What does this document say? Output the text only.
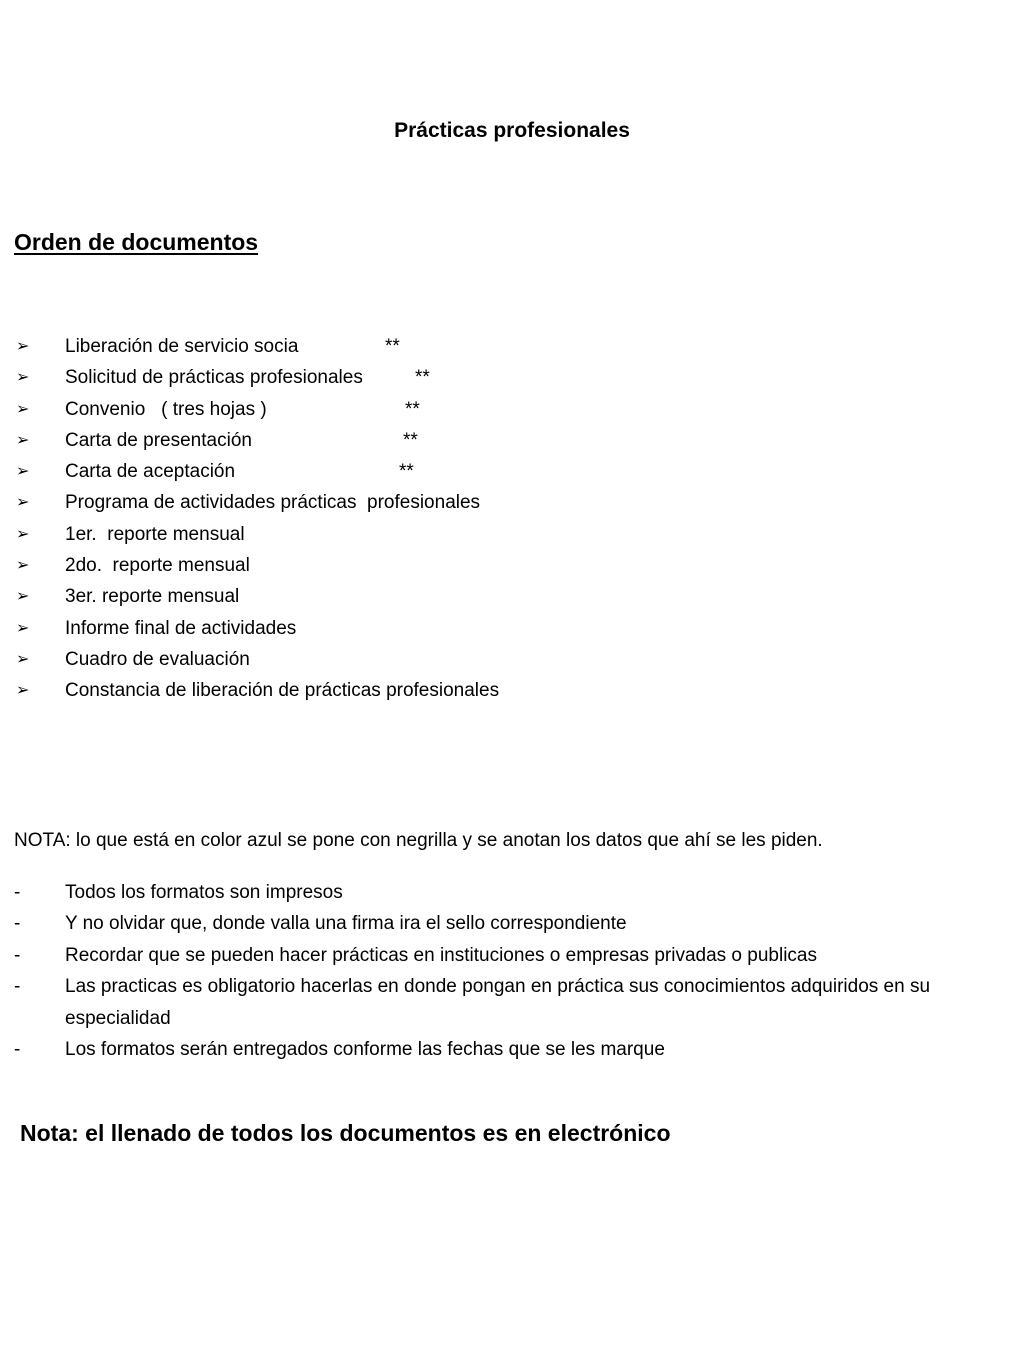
Prácticas profesionales
Orden de documentos

➢

Liberación de servicio socia

	**

➢

Solicitud de prácticas profesionales

	**

➢

Convenio   ( tres hojas )

	**

➢

Carta de presentación

	**

➢

Carta de aceptación

	**

➢

Programa de actividades prácticas  profesionales

➢

1er.  reporte mensual

➢

2do.  reporte mensual

➢

3er. reporte mensual

➢

Informe final de actividades

➢

Cuadro de evaluación

➢

Constancia de liberación de prácticas profesionales

NOTA: lo que está en color azul se pone con negrilla y se anotan los datos que ahí se les piden.
- Todos los formatos son impresos
- Y no olvidar que, donde valla una firma ira el sello correspondiente
- Recordar que se pueden hacer prácticas en instituciones o empresas privadas o publicas
- Las practicas es obligatorio hacerlas en donde pongan en práctica sus conocimientos adquiridos en su especialidad
- Los formatos serán entregados conforme las fechas que se les marque
Nota: el llenado de todos los documentos es en electrónico
